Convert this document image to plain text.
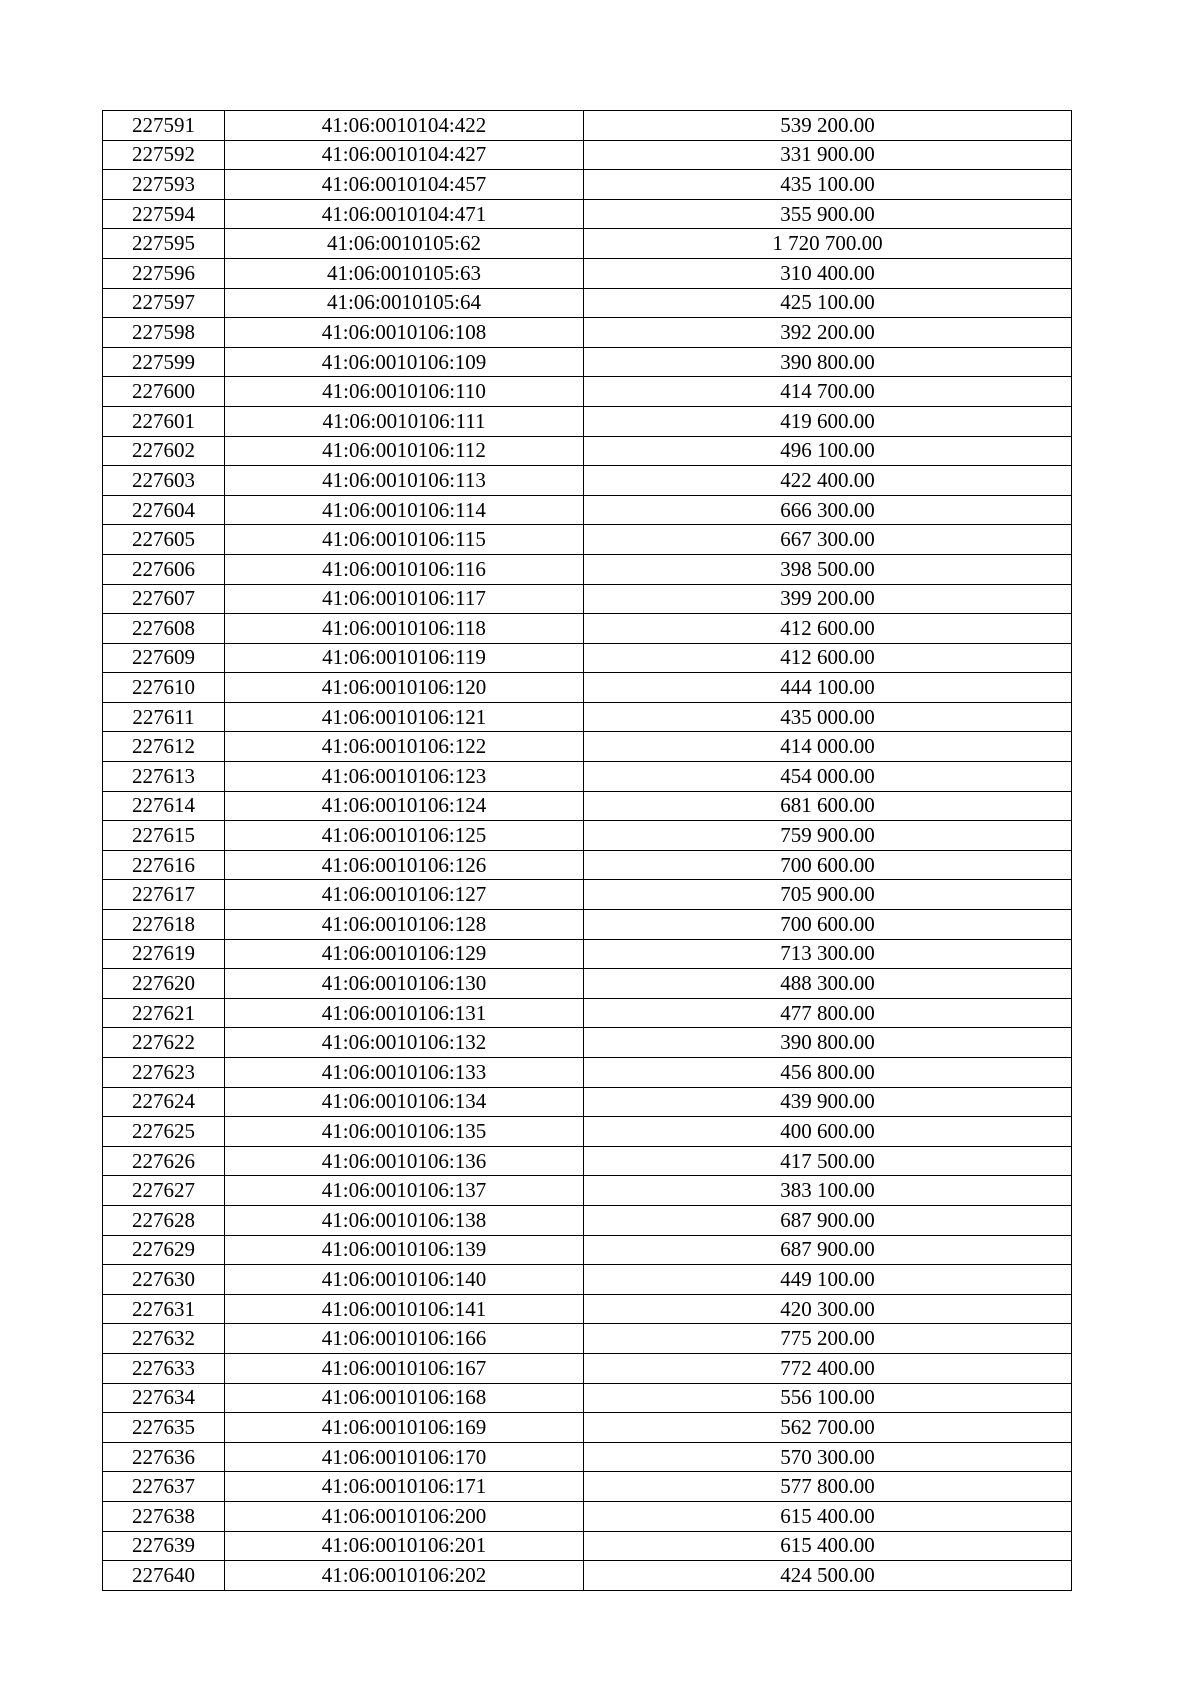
227591	41:06:0010104:422	539 200.00
227592	41:06:0010104:427	331 900.00
227593	41:06:0010104:457	435 100.00
227594	41:06:0010104:471	355 900.00
227595	41:06:0010105:62	1 720 700.00
227596	41:06:0010105:63	310 400.00
227597	41:06:0010105:64	425 100.00
227598	41:06:0010106:108	392 200.00
227599	41:06:0010106:109	390 800.00
227600	41:06:0010106:110	414 700.00
227601	41:06:0010106:111	419 600.00
227602	41:06:0010106:112	496 100.00
227603	41:06:0010106:113	422 400.00
227604	41:06:0010106:114	666 300.00
227605	41:06:0010106:115	667 300.00
227606	41:06:0010106:116	398 500.00
227607	41:06:0010106:117	399 200.00
227608	41:06:0010106:118	412 600.00
227609	41:06:0010106:119	412 600.00
227610	41:06:0010106:120	444 100.00
227611	41:06:0010106:121	435 000.00
227612	41:06:0010106:122	414 000.00
227613	41:06:0010106:123	454 000.00
227614	41:06:0010106:124	681 600.00
227615	41:06:0010106:125	759 900.00
227616	41:06:0010106:126	700 600.00
227617	41:06:0010106:127	705 900.00
227618	41:06:0010106:128	700 600.00
227619	41:06:0010106:129	713 300.00
227620	41:06:0010106:130	488 300.00
227621	41:06:0010106:131	477 800.00
227622	41:06:0010106:132	390 800.00
227623	41:06:0010106:133	456 800.00
227624	41:06:0010106:134	439 900.00
227625	41:06:0010106:135	400 600.00
227626	41:06:0010106:136	417 500.00
227627	41:06:0010106:137	383 100.00
227628	41:06:0010106:138	687 900.00
227629	41:06:0010106:139	687 900.00
227630	41:06:0010106:140	449 100.00
227631	41:06:0010106:141	420 300.00
227632	41:06:0010106:166	775 200.00
227633	41:06:0010106:167	772 400.00
227634	41:06:0010106:168	556 100.00
227635	41:06:0010106:169	562 700.00
227636	41:06:0010106:170	570 300.00
227637	41:06:0010106:171	577 800.00
227638	41:06:0010106:200	615 400.00
227639	41:06:0010106:201	615 400.00
227640	41:06:0010106:202	424 500.00
